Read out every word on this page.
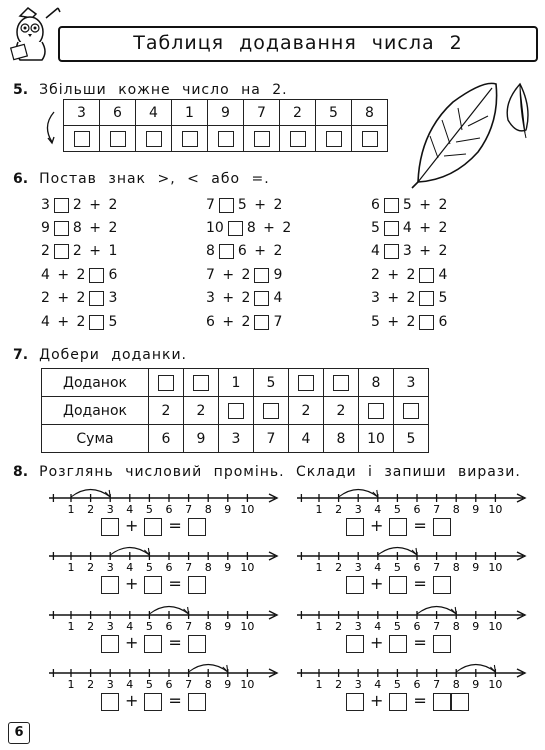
Таблиця додавання числа 2
5. Збільши кожне число на 2.
3	6	4	1	9	7	2	5	8

6. Постав знак >, < або =.
3 2 + 2
9 8 + 2
2 2 + 1
4 + 2 6
2 + 2 3
4 + 2 5
7 5 + 2
10 8 + 2
8 6 + 2
7 + 2 9
3 + 2 4
6 + 2 7
6 5 + 2
5 4 + 2
4 3 + 2
2 + 2 4
3 + 2 5
5 + 2 6
7. Добери доданки.
Доданок			1	5			8	3
Доданок	2	2			2	2		
Сума	6	9	3	7	4	8	10	5
8. Розглянь числовий промінь. Склади і запиши вирази.
1 2 3 4 5 6 7 8 9 10
+ =
1 2 3 4 5 6 7 8 9 10
+ =
1 2 3 4 5 6 7 8 9 10
+ =
1 2 3 4 5 6 7 8 9 10
+ =
1 2 3 4 5 6 7 8 9 10
+ =
1 2 3 4 5 6 7 8 9 10
+ =
1 2 3 4 5 6 7 8 9 10
+ =
1 2 3 4 5 6 7 8 9 10
+ =
6
